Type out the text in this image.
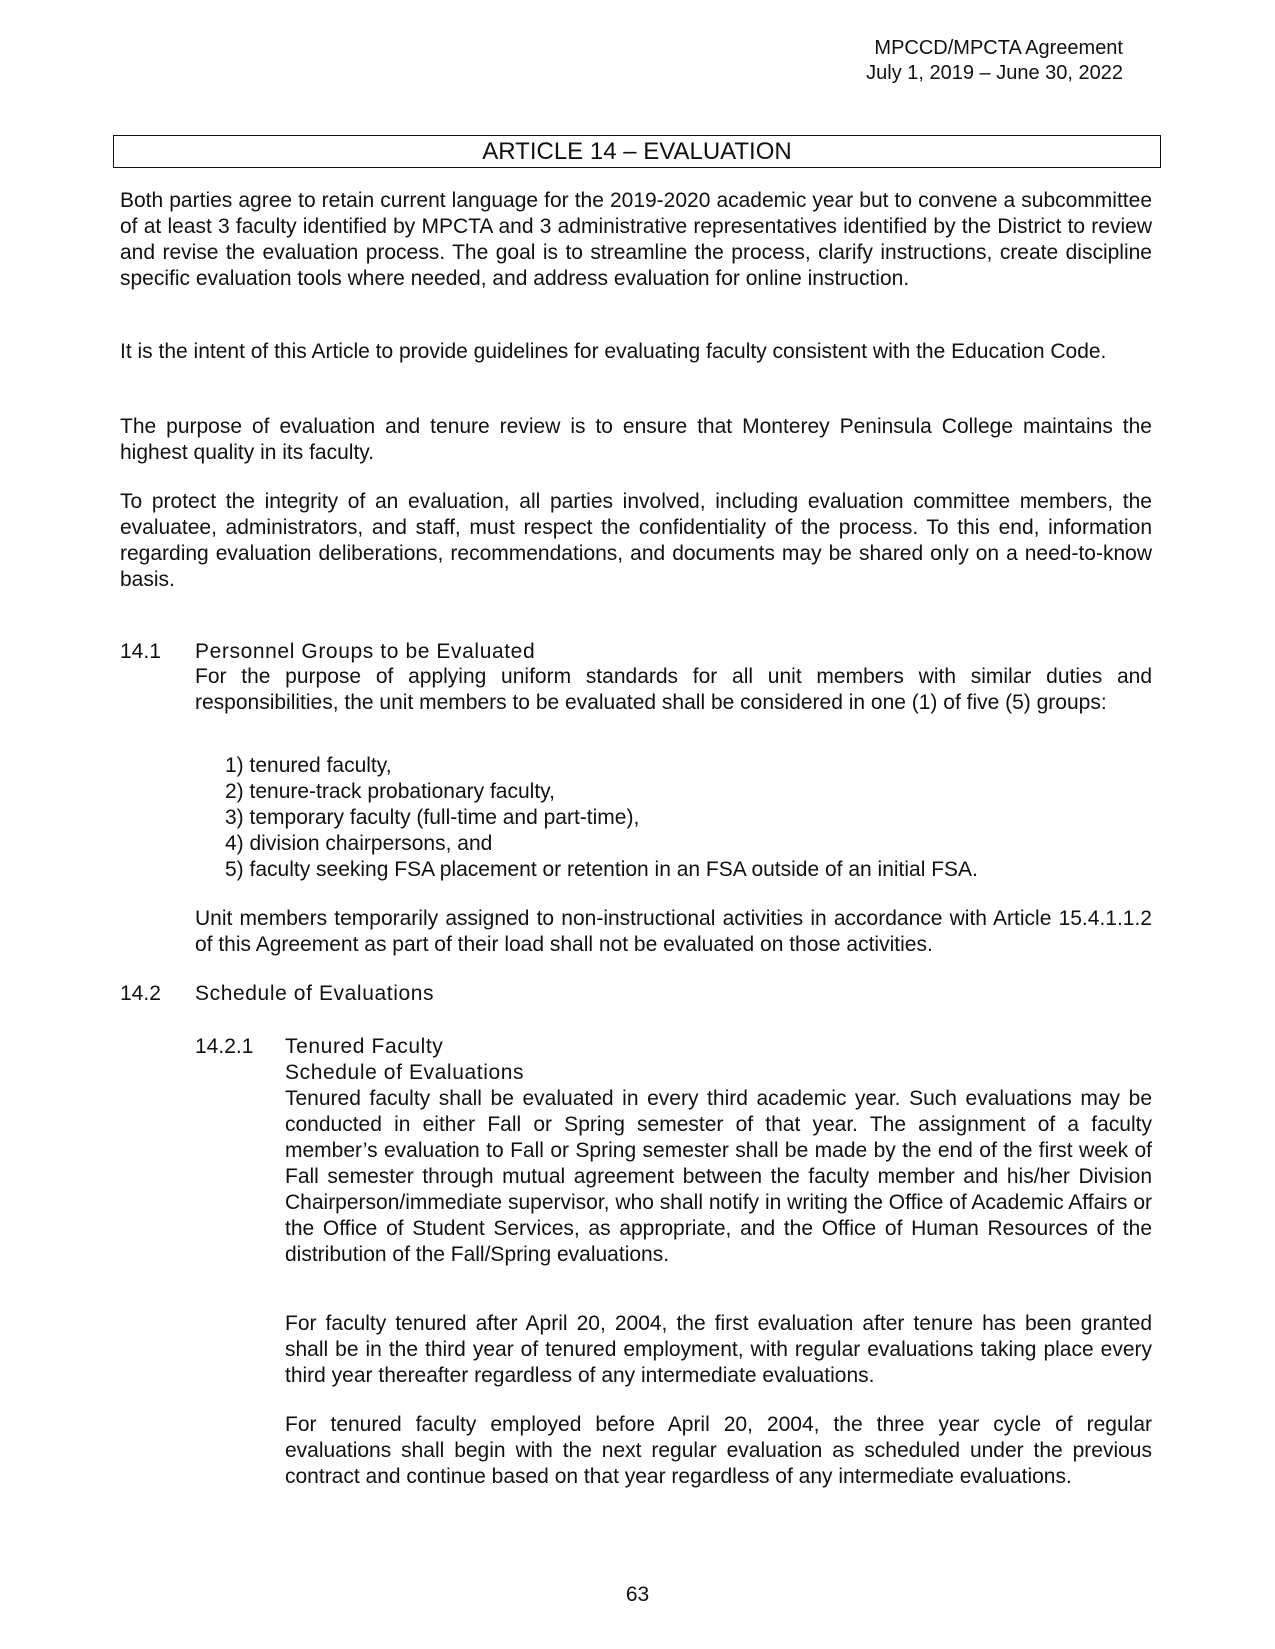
MPCCD/MPCTA Agreement
July 1, 2019 – June 30, 2022
ARTICLE 14 – EVALUATION

Both parties agree to retain current language for the 2019-2020 academic year but to convene a subcommittee of at least 3 faculty identified by MPCTA and 3 administrative representatives identified by the District to review and revise the evaluation process. The goal is to streamline the process, clarify instructions, create discipline specific evaluation tools where needed, and address evaluation for online instruction.

It is the intent of this Article to provide guidelines for evaluating faculty consistent with the Education Code.

The purpose of evaluation and tenure review is to ensure that Monterey Peninsula College maintains the highest quality in its faculty.

To protect the integrity of an evaluation, all parties involved, including evaluation committee members, the evaluatee, administrators, and staff, must respect the confidentiality of the process. To this end, information regarding evaluation deliberations, recommendations, and documents may be shared only on a need-to-know basis.

14.1 Personnel Groups to be Evaluated

For the purpose of applying uniform standards for all unit members with similar duties and responsibilities, the unit members to be evaluated shall be considered in one (1) of five (5) groups:

1) tenured faculty,
2) tenure-track probationary faculty,
3) temporary faculty (full-time and part-time),
4) division chairpersons, and
5) faculty seeking FSA placement or retention in an FSA outside of an initial FSA.

Unit members temporarily assigned to non-instructional activities in accordance with Article 15.4.1.1.2 of this Agreement as part of their load shall not be evaluated on those activities.

14.2 Schedule of Evaluations
14.2.1 Tenured Faculty
Schedule of Evaluations

Tenured faculty shall be evaluated in every third academic year. Such evaluations may be conducted in either Fall or Spring semester of that year. The assignment of a faculty member’s evaluation to Fall or Spring semester shall be made by the end of the first week of Fall semester through mutual agreement between the faculty member and his/her Division Chairperson/immediate supervisor, who shall notify in writing the Office of Academic Affairs or the Office of Student Services, as appropriate, and the Office of Human Resources of the distribution of the Fall/Spring evaluations.

For faculty tenured after April 20, 2004, the first evaluation after tenure has been granted shall be in the third year of tenured employment, with regular evaluations taking place every third year thereafter regardless of any intermediate evaluations.

For tenured faculty employed before April 20, 2004, the three year cycle of regular evaluations shall begin with the next regular evaluation as scheduled under the previous contract and continue based on that year regardless of any intermediate evaluations.

63
